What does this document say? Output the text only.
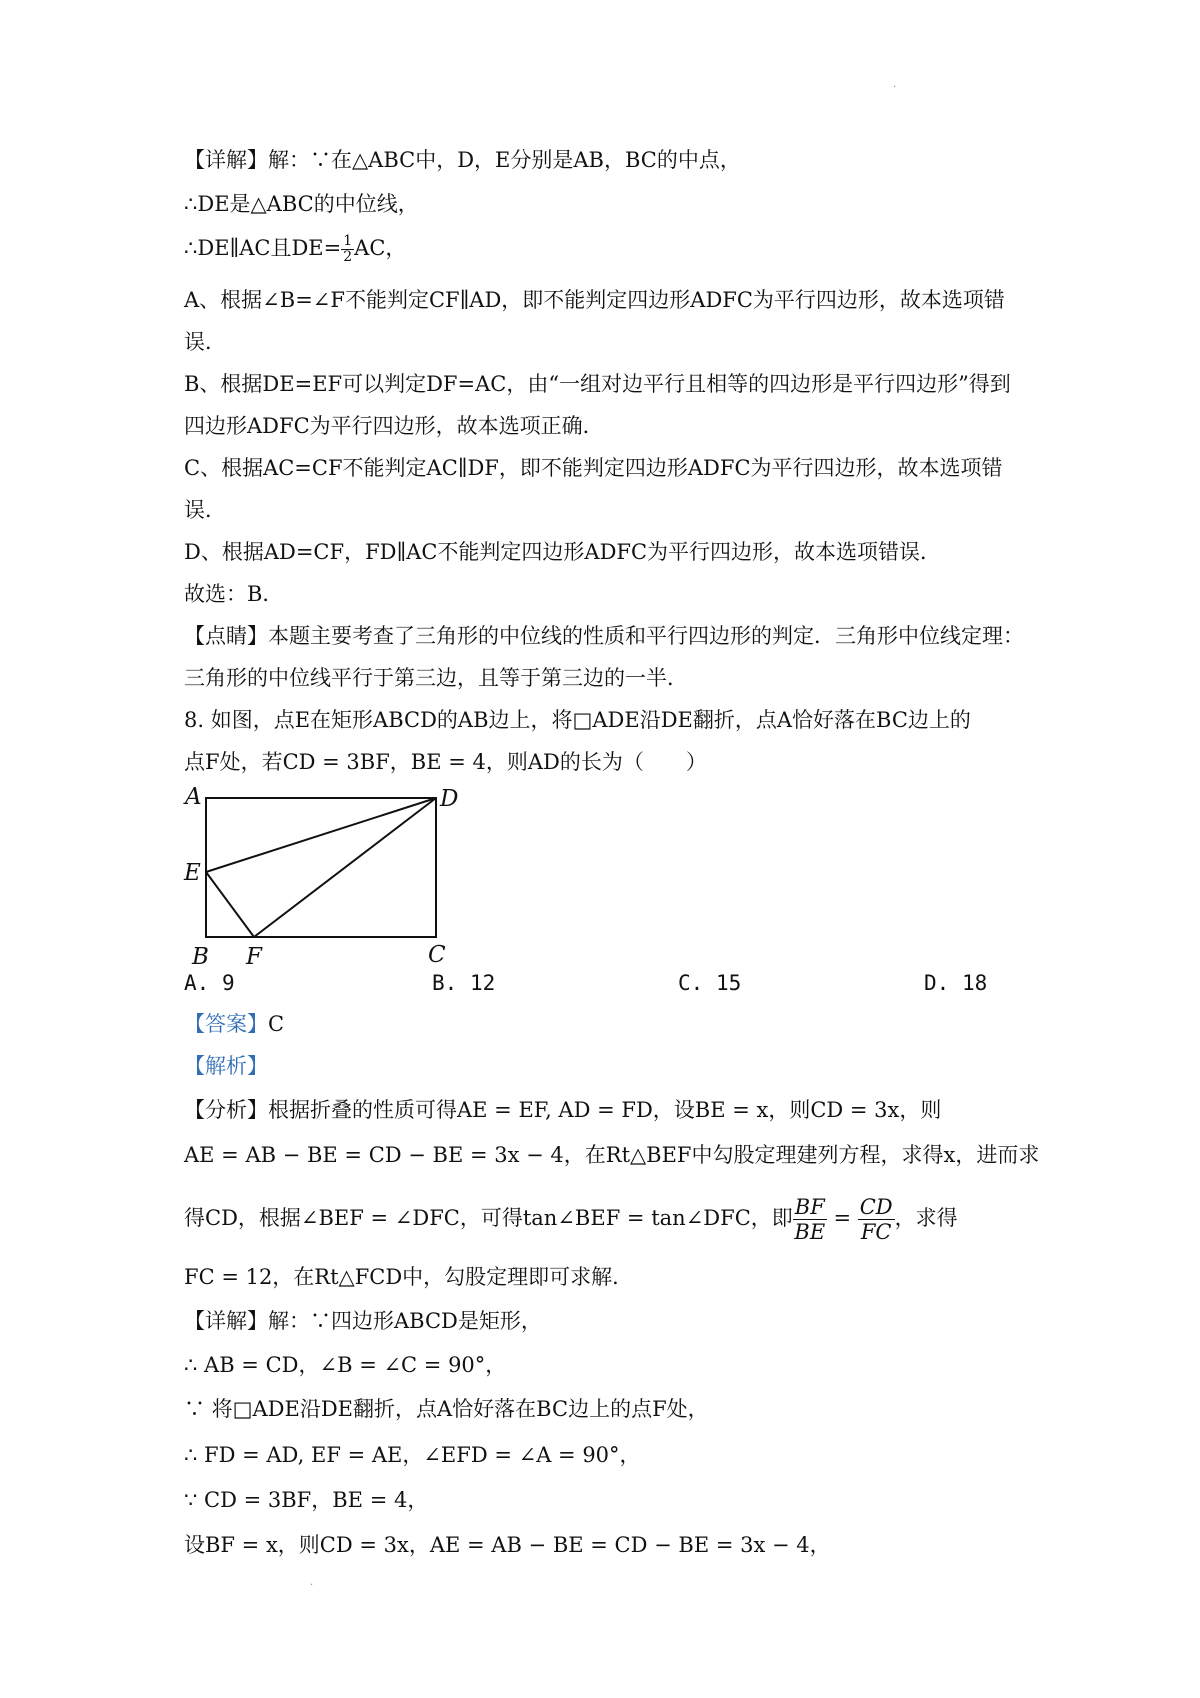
·
【详解】解：∵在△ABC中，D，E分别是AB，BC的中点，
∴DE是△ABC的中位线，
∴DE∥AC且$DE= \frac{1}{2}$ AC，
A、根据∠B=∠F不能判定CF∥AD，即不能判定四边形ADFC为平行四边形，故本选项错
误．
B、根据DE=EF可以判定DF=AC，由“一组对边平行且相等的四边形是平行四边形”得到
四边形ADFC为平行四边形，故本选项正确．
C、根据AC=CF不能判定AC∥DF，即不能判定四边形ADFC为平行四边形，故本选项错
误．
D、根据AD=CF，FD∥AC不能判定四边形ADFC为平行四边形，故本选项错误．
故选：B．
【点睛】本题主要考查了三角形的中位线的性质和平行四边形的判定．三角形中位线定理：
三角形的中位线平行于第三边，且等于第三边的一半．
8. 如图，点E在矩形ABCD的AB边上，将□ADE沿DE翻折，点A恰好落在BC边上的
点F处，若CD = 3BF，BE = 4，则AD的长为（　　）
A	D
E
B F	C
A. 9	B. 12	C. 15	D. 18
【答案】C
【解析】
【分析】根据折叠的性质可得AE = EF, AD = FD，设BE = x，则CD = 3x，则
AE = AB − BE = CD − BE = 3x − 4，在Rt△BEF中勾股定理建列方程，求得x，进而求
得CD，根据∠BEF = ∠DFC，可得tan∠BEF = tan∠DFC，即 $\frac{BF}{BE} = \frac{CD}{FC}$ ，求得
FC = 12，在Rt△FCD中，勾股定理即可求解．
【详解】解：∵四边形ABCD是矩形，
∴ AB = CD，∠B = ∠C = 90°，
∵ 将□ADE沿DE翻折，点A恰好落在BC边上的点F处，
∴ FD = AD, EF = AE，∠EFD = ∠A = 90°，
∵ CD = 3BF，BE = 4，
设BF = x，则CD = 3x，AE = AB − BE = CD − BE = 3x − 4，
·
